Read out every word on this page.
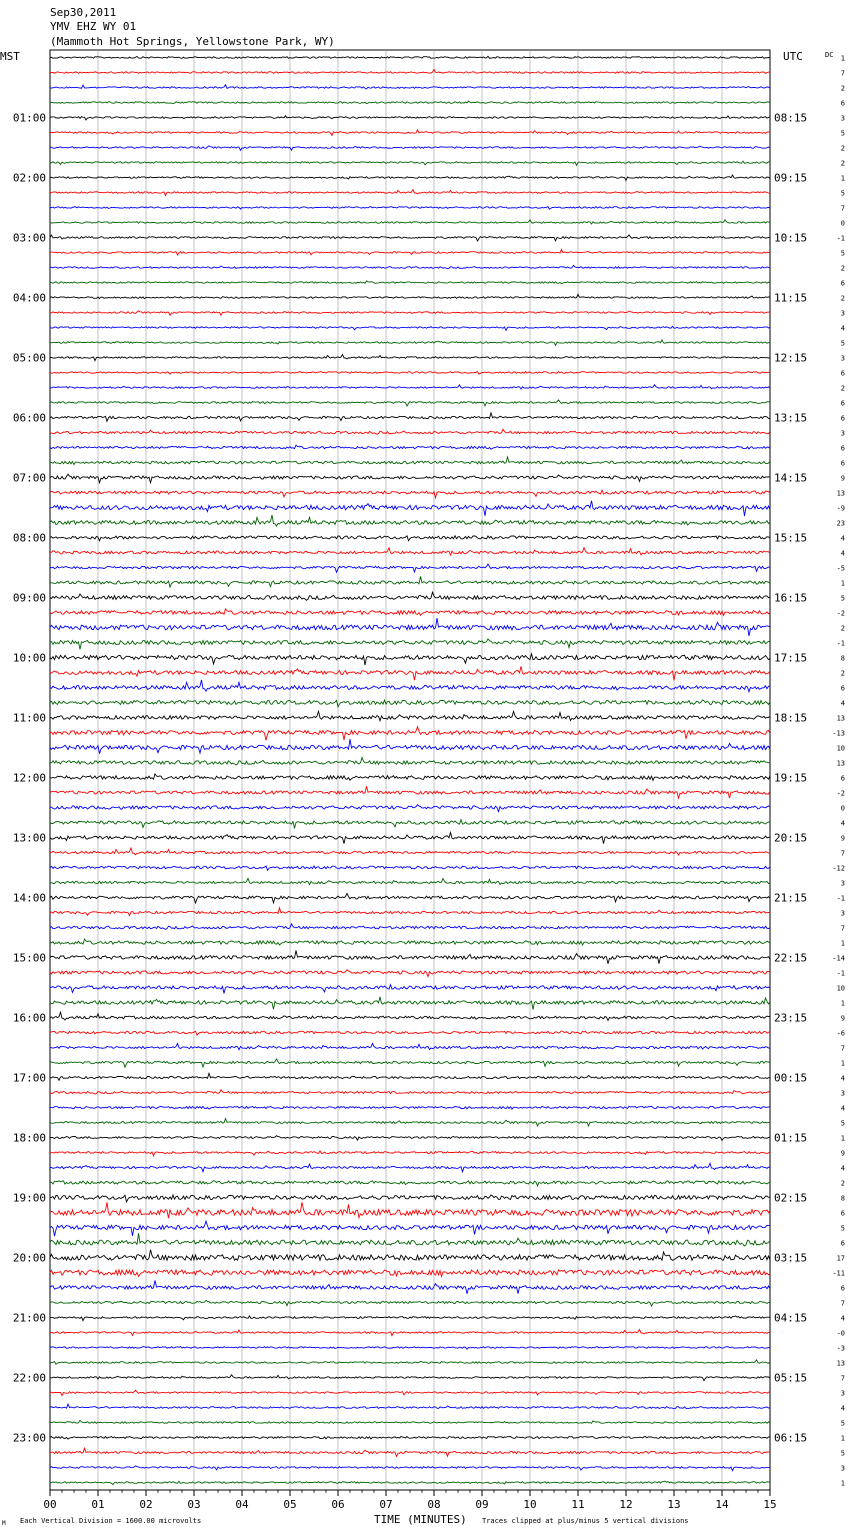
Sep30,2011
YMV EHZ WY 01
(Mammoth Hot Springs, Yellowstone Park, WY)
MST	UTC	DC
01:00
02:00
03:00
04:00
05:00
06:00
07:00
08:00
09:00
10:00
11:00
12:00
13:00
14:00
15:00
16:00
17:00
18:00
19:00
20:00
21:00
22:00
23:00
08:15
09:15
10:15
11:15
12:15
13:15
14:15
15:15
16:15
17:15
18:15
19:15
20:15
21:15
22:15
23:15
00:15
01:15
02:15
03:15
04:15
05:15
06:15
1
7
2
6
3
5
2
2
1
5
7
0
-1
5
2
6
2
3
4
5
3
6
2
6
6
3
6
6
9
13
-9
23
4
4
-5
1
5
-2
2
-1
8
2
6
4
13
-13
10
13
6
-2
0
4
9
7
-12
3
-1
3
7
1
-14
-1
10
1
9
-6
7
1
4
3
4
5
1
9
4
2
8
6
5
6
17
-11
6
7
4
-0
-3
13
7
3
4
5
1
5
3
1
00	01	02	03	04	05	06	07	08	09	10	11	12	13	14	15
TIME (MINUTES)
Each Vertical Division = 1600.00 microvolts	Traces clipped at plus/minus 5 vertical divisions
M
